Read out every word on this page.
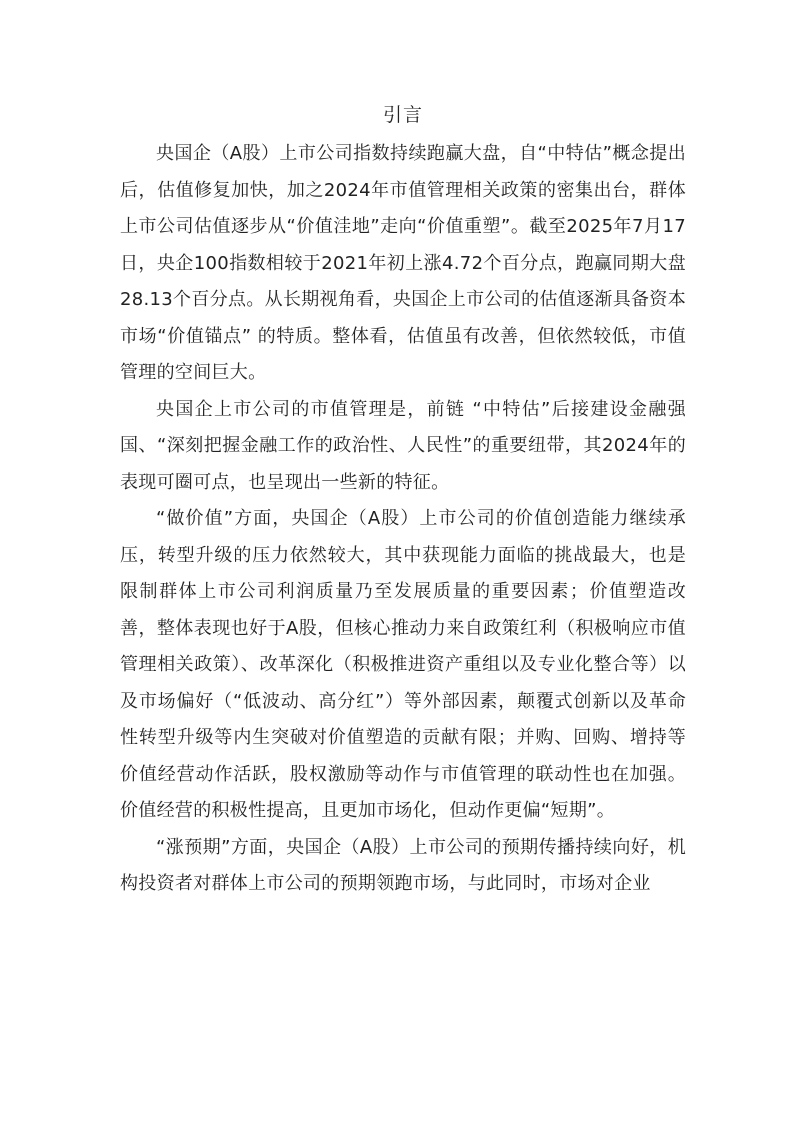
引言

央国企（A股）上市公司指数持续跑赢大盘，自“中特估”概念提出后，估值修复加快，加之2024年市值管理相关政策的密集出台，群体上市公司估值逐步从“价值洼地”走向“价值重塑”。截至2025年7月17日，央企100指数相较于2021年初上涨4.72个百分点，跑赢同期大盘28.13个百分点。从长期视角看，央国企上市公司的估值逐渐具备资本市场“价值锚点” 的特质。整体看，估值虽有改善，但依然较低，市值管理的空间巨大。

央国企上市公司的市值管理是，前链 “中特估”后接建设金融强国、“深刻把握金融工作的政治性、人民性”的重要纽带，其2024年的表现可圈可点，也呈现出一些新的特征。

“做价值”方面，央国企（A股）上市公司的价值创造能力继续承压，转型升级的压力依然较大，其中获现能力面临的挑战最大，也是限制群体上市公司利润质量乃至发展质量的重要因素；价值塑造改善，整体表现也好于A股，但核心推动力来自政策红利（积极响应市值管理相关政策）、改革深化（积极推进资产重组以及专业化整合等）以及市场偏好（“低波动、高分红”）等外部因素，颠覆式创新以及革命性转型升级等内生突破对价值塑造的贡献有限；并购、回购、增持等价值经营动作活跃，股权激励等动作与市值管理的联动性也在加强。价值经营的积极性提高，且更加市场化，但动作更偏“短期”。

“涨预期”方面，央国企（A股）上市公司的预期传播持续向好，机构投资者对群体上市公司的预期领跑市场，与此同时，市场对企业
